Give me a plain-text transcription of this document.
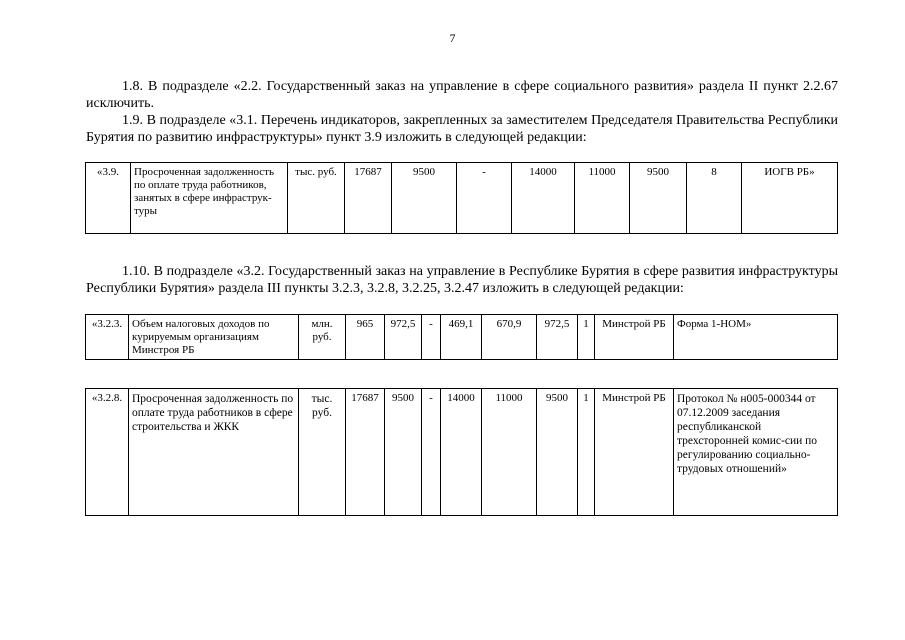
7
1.8. В подразделе «2.2. Государственный заказ на управление в сфере социального развития» раздела II пункт 2.2.67 исключить.
1.9. В подразделе «3.1. Перечень индикаторов, закрепленных за заместителем Председателя Правительства Республики Бурятия по развитию инфраструктуры» пункт 3.9 изложить в следующей редакции:
«3.9.	Просроченная задолженность по оплате труда работников, занятых в сфере инфраструк-туры	тыс. руб.	17687	9500	-	14000	11000	9500	8	ИОГВ РБ»
1.10. В подразделе «3.2. Государственный заказ на управление в Республике Бурятия в сфере развития инфраструктуры Республики Бурятия» раздела III пункты 3.2.3, 3.2.8, 3.2.25, 3.2.47 изложить в следующей редакции:
«3.2.3.	Объем налоговых доходов по курируемым организациям Минстроя РБ	млн. руб.	965	972,5	-	469,1	670,9	972,5	1	Минстрой РБ	Форма 1-НОМ»
«3.2.8.	Просроченная задолженность по оплате труда работников в сфере строительства и ЖКК	тыс. руб.	17687	9500	-	14000	11000	9500	1	Минстрой РБ	Протокол № н005-000344 от 07.12.2009 заседания республиканской трехсторонней комис-сии по регулированию социально-трудовых отношений»
